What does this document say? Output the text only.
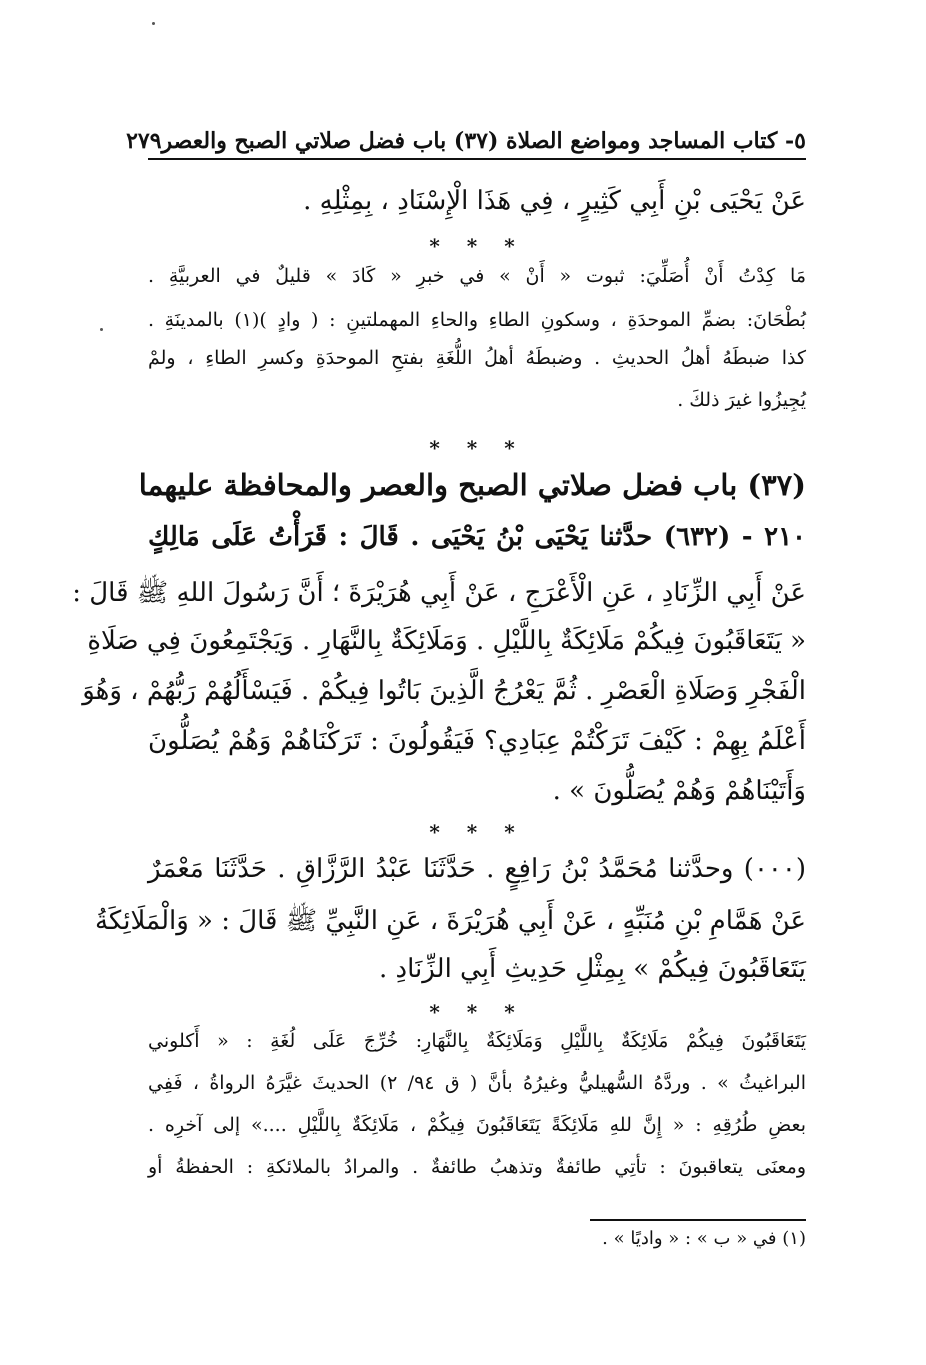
٥- كتاب المساجد ومواضع الصلاة (٣٧) باب فضل صلاتي الصبح والعصر
٢٧٩
عَنْ يَحْيَى بْنِ أَبِي كَثِيرٍ ، فِي هَذَا الْإِسْنَادِ ، بِمِثْلِهِ .
* * *
مَا كِدْتُ أَنْ أُصَلِّيَ: ثبوت « أَنْ » في خبرِ « كَادَ » قليلٌ في العربيَّةِ .
بُطْحَانَ: بضمِّ الموحدَةِ ، وسكونِ الطاءِ والحاءِ المهملتينِ : ( وادٍ )(١) بالمدينَةِ .
كذا ضبطَهُ أهلُ الحديثِ . وضبطَهُ أهلُ اللُّغَةِ بفتحِ الموحدَةِ وكسرِ الطاءِ ، ولمْ
يُجِيزُوا غيرَ ذلكَ .
* * *
(٣٧) باب فضل صلاتي الصبح والعصر والمحافظة عليهما
٢١٠ - (٦٣٢) حدَّثنا يَحْيَى بْنُ يَحْيَى . قَالَ : قَرَأْتُ عَلَى مَالِكٍ
عَنْ أَبِي الزِّنَادِ ، عَنِ الْأَعْرَجِ ، عَنْ أَبِي هُرَيْرَةَ ؛ أَنَّ رَسُولَ اللهِ ﷺ قَالَ :
« يَتَعَاقَبُونَ فِيكُمْ مَلَائِكَةٌ بِاللَّيْلِ . وَمَلَائِكَةٌ بِالنَّهَارِ . وَيَجْتَمِعُونَ فِي صَلَاةِ
الْفَجْرِ وَصَلَاةِ الْعَصْرِ . ثُمَّ يَعْرُجُ الَّذِينَ بَاتُوا فِيكُمْ . فَيَسْأَلُهُمْ رَبُّهُمْ ، وَهُوَ
أَعْلَمُ بِهِمْ : كَيْفَ تَرَكْتُمْ عِبَادِي؟ فَيَقُولُونَ : تَرَكْنَاهُمْ وَهُمْ يُصَلُّونَ
وَأَتَيْنَاهُمْ وَهُمْ يُصَلُّونَ » .
* * *
(٠٠٠) وحدَّثنا مُحَمَّدُ بْنُ رَافِعٍ . حَدَّثَنَا عَبْدُ الرَّزَّاقِ . حَدَّثَنَا مَعْمَرٌ
عَنْ هَمَّامِ بْنِ مُنَبِّهٍ ، عَنْ أَبِي هُرَيْرَةَ ، عَنِ النَّبِيِّ ﷺ قَالَ : « وَالْمَلَائِكَةُ
يَتَعَاقَبُونَ فِيكُمْ » بِمِثْلِ حَدِيثِ أَبِي الزِّنَادِ .
* * *
يَتَعَاقَبُونَ فِيكُمْ مَلَائِكَةٌ بِاللَّيْلِ وَمَلَائِكَةٌ بِالنَّهَارِ: خُرِّجَ عَلَى لُغَةِ : « أَكلوني
البراغيثُ » . وردَّهُ السُّهيليُّ وغيرُهُ بأنَّ ( ق ٩٤/ ٢) الحديثَ غيَّرَهُ الرواةُ ، فَفِي
بعضِ طُرُقِهِ : « إِنَّ للهِ مَلَائِكَةً يَتَعَاقَبُونَ فِيكُمْ ، مَلَائِكَةٌ بِاللَّيْلِ ....» إلى آخرِه .
ومعنَى يتعاقبونَ : تأتِي طائفةٌ وتذهبُ طائفةٌ . والمرادُ بالملائكةِ : الحفظةُ أو
(١) في « ب » : « واديًا » .
